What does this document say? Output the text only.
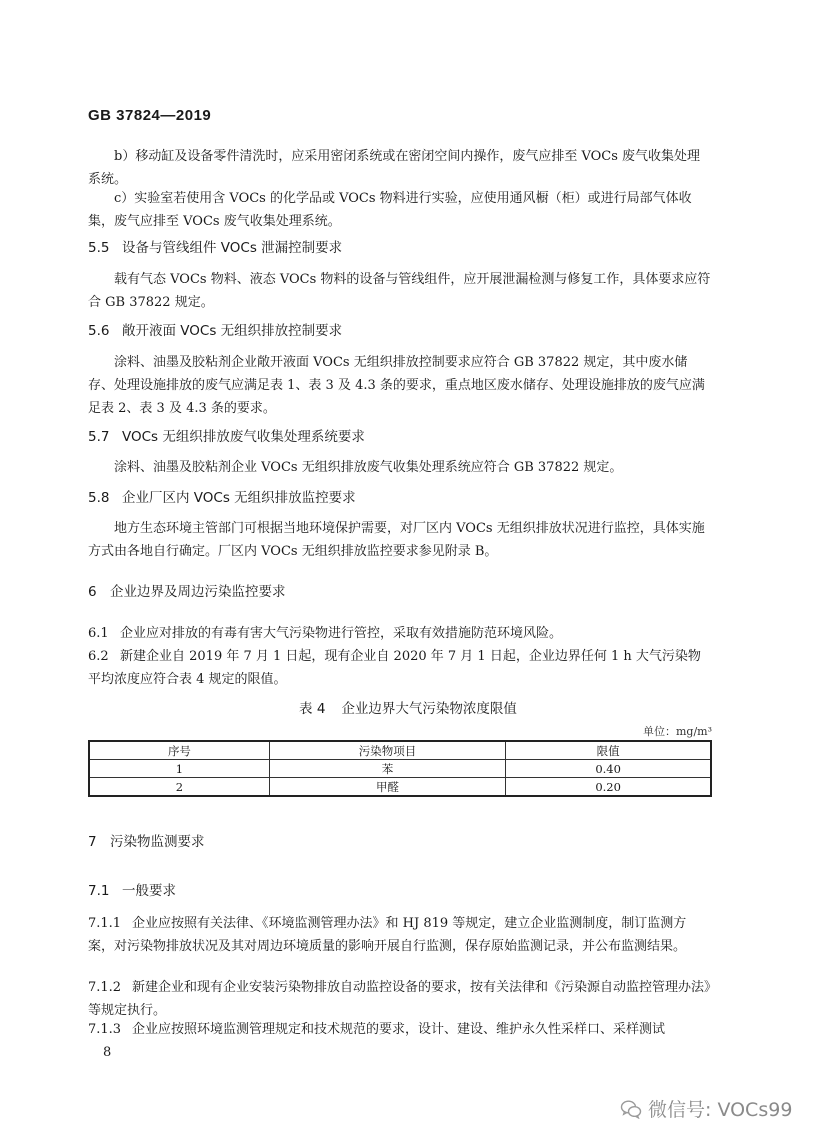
GB 37824—2019
b）移动缸及设备零件清洗时，应采用密闭系统或在密闭空间内操作，废气应排至 VOCs 废气收集处理系统。
c）实验室若使用含 VOCs 的化学品或 VOCs 物料进行实验，应使用通风橱（柜）或进行局部气体收集，废气应排至 VOCs 废气收集处理系统。
5.5 设备与管线组件 VOCs 泄漏控制要求
载有气态 VOCs 物料、液态 VOCs 物料的设备与管线组件，应开展泄漏检测与修复工作，具体要求应符合 GB 37822 规定。
5.6 敞开液面 VOCs 无组织排放控制要求
涂料、油墨及胶粘剂企业敞开液面 VOCs 无组织排放控制要求应符合 GB 37822 规定，其中废水储存、处理设施排放的废气应满足表 1、表 3 及 4.3 条的要求，重点地区废水储存、处理设施排放的废气应满足表 2、表 3 及 4.3 条的要求。
5.7 VOCs 无组织排放废气收集处理系统要求
涂料、油墨及胶粘剂企业 VOCs 无组织排放废气收集处理系统应符合 GB 37822 规定。
5.8 企业厂区内 VOCs 无组织排放监控要求
地方生态环境主管部门可根据当地环境保护需要，对厂区内 VOCs 无组织排放状况进行监控，具体实施方式由各地自行确定。厂区内 VOCs 无组织排放监控要求参见附录 B。
6 企业边界及周边污染监控要求
6.1 企业应对排放的有毒有害大气污染物进行管控，采取有效措施防范环境风险。
6.2 新建企业自 2019 年 7 月 1 日起，现有企业自 2020 年 7 月 1 日起，企业边界任何 1 h 大气污染物平均浓度应符合表 4 规定的限值。
表 4 企业边界大气污染物浓度限值
单位：mg/m³
序号	污染物项目	限值
1	苯	0.40
2	甲醛	0.20
7 污染物监测要求
7.1 一般要求
7.1.1 企业应按照有关法律、《环境监测管理办法》和 HJ 819 等规定，建立企业监测制度，制订监测方案，对污染物排放状况及其对周边环境质量的影响开展自行监测，保存原始监测记录，并公布监测结果。
7.1.2 新建企业和现有企业安装污染物排放自动监控设备的要求，按有关法律和《污染源自动监控管理办法》等规定执行。
7.1.3 企业应按照环境监测管理规定和技术规范的要求，设计、建设、维护永久性采样口、采样测试
8
微信号: VOCs99
